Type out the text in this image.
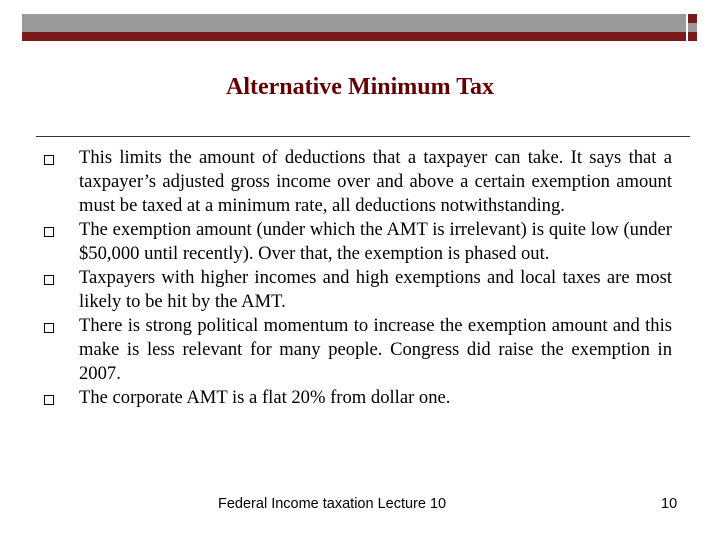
Alternative Minimum Tax
This limits the amount of deductions that a taxpayer can take. It says that a taxpayer’s adjusted gross income over and above a certain exemption amount must be taxed at a minimum rate, all deductions notwithstanding.
The exemption amount (under which the AMT is irrelevant) is quite low (under $50,000 until recently). Over that, the exemption is phased out.
Taxpayers with higher incomes and high exemptions and local taxes are most likely to be hit by the AMT.
There is strong political momentum to increase the exemption amount and this make is less relevant for many people. Congress did raise the exemption in 2007.
The corporate AMT is a flat 20% from dollar one.
Federal Income taxation Lecture 10	10
